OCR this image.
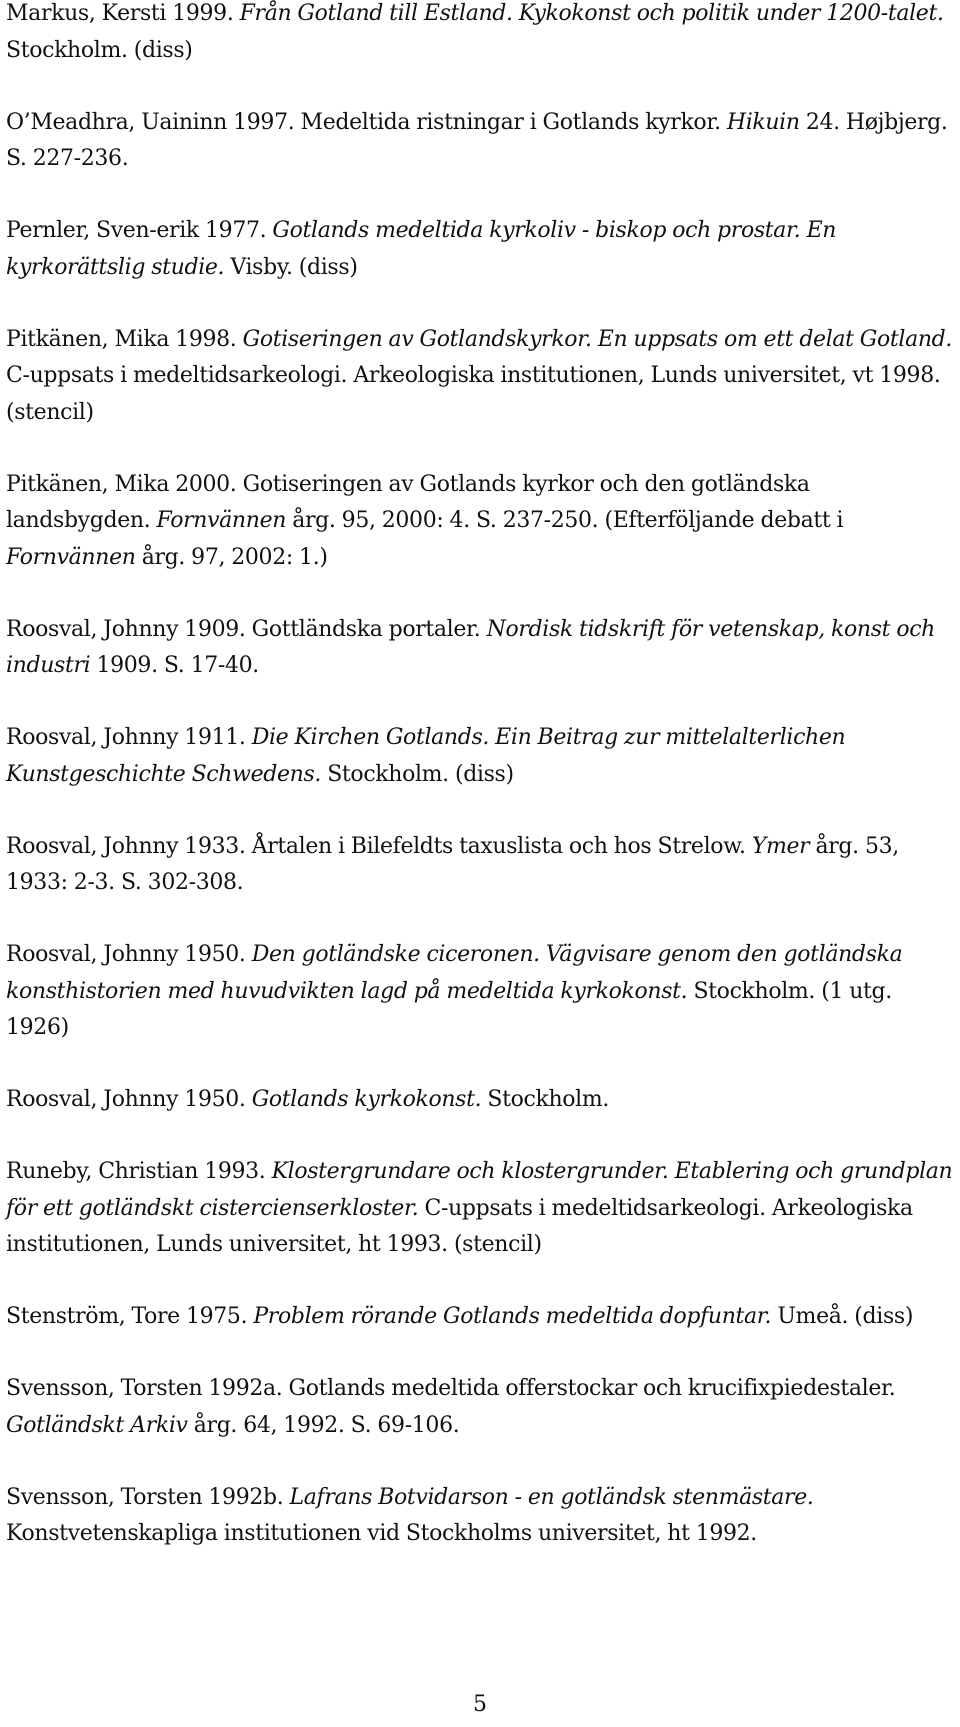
Markus, Kersti 1999. Från Gotland till Estland. Kykokonst och politik under 1200-talet. Stockholm. (diss)
O’Meadhra, Uaininn 1997. Medeltida ristningar i Gotlands kyrkor. Hikuin 24. Højbjerg. S. 227-236.
Pernler, Sven-erik 1977. Gotlands medeltida kyrkoliv - biskop och prostar. En kyrkorättslig studie. Visby. (diss)
Pitkänen, Mika 1998. Gotiseringen av Gotlandskyrkor. En uppsats om ett delat Gotland. C-uppsats i medeltidsarkeologi. Arkeologiska institutionen, Lunds universitet, vt 1998. (stencil)
Pitkänen, Mika 2000. Gotiseringen av Gotlands kyrkor och den gotländska landsbygden. Fornvännen årg. 95, 2000: 4. S. 237-250. (Efterföljande debatt i Fornvännen årg. 97, 2002: 1.)
Roosval, Johnny 1909. Gottländska portaler. Nordisk tidskrift för vetenskap, konst och industri 1909. S. 17-40.
Roosval, Johnny 1911. Die Kirchen Gotlands. Ein Beitrag zur mittelalterlichen Kunstgeschichte Schwedens. Stockholm. (diss)
Roosval, Johnny 1933. Årtalen i Bilefeldts taxuslista och hos Strelow. Ymer årg. 53, 1933: 2-3. S. 302-308.
Roosval, Johnny 1950. Den gotländske ciceronen. Vägvisare genom den gotländska konsthistorien med huvudvikten lagd på medeltida kyrkokonst. Stockholm. (1 utg. 1926)
Roosval, Johnny 1950. Gotlands kyrkokonst. Stockholm.
Runeby, Christian 1993. Klostergrundare och klostergrunder. Etablering och grundplan för ett gotländskt cistercienserkloster. C-uppsats i medeltidsarkeologi. Arkeologiska institutionen, Lunds universitet, ht 1993. (stencil)
Stenström, Tore 1975. Problem rörande Gotlands medeltida dopfuntar. Umeå. (diss)
Svensson, Torsten 1992a. Gotlands medeltida offerstockar och krucifixpiedestaler. Gotländskt Arkiv årg. 64, 1992. S. 69-106.
Svensson, Torsten 1992b. Lafrans Botvidarson - en gotländsk stenmästare. Konstvetenskapliga institutionen vid Stockholms universitet, ht 1992.
5
